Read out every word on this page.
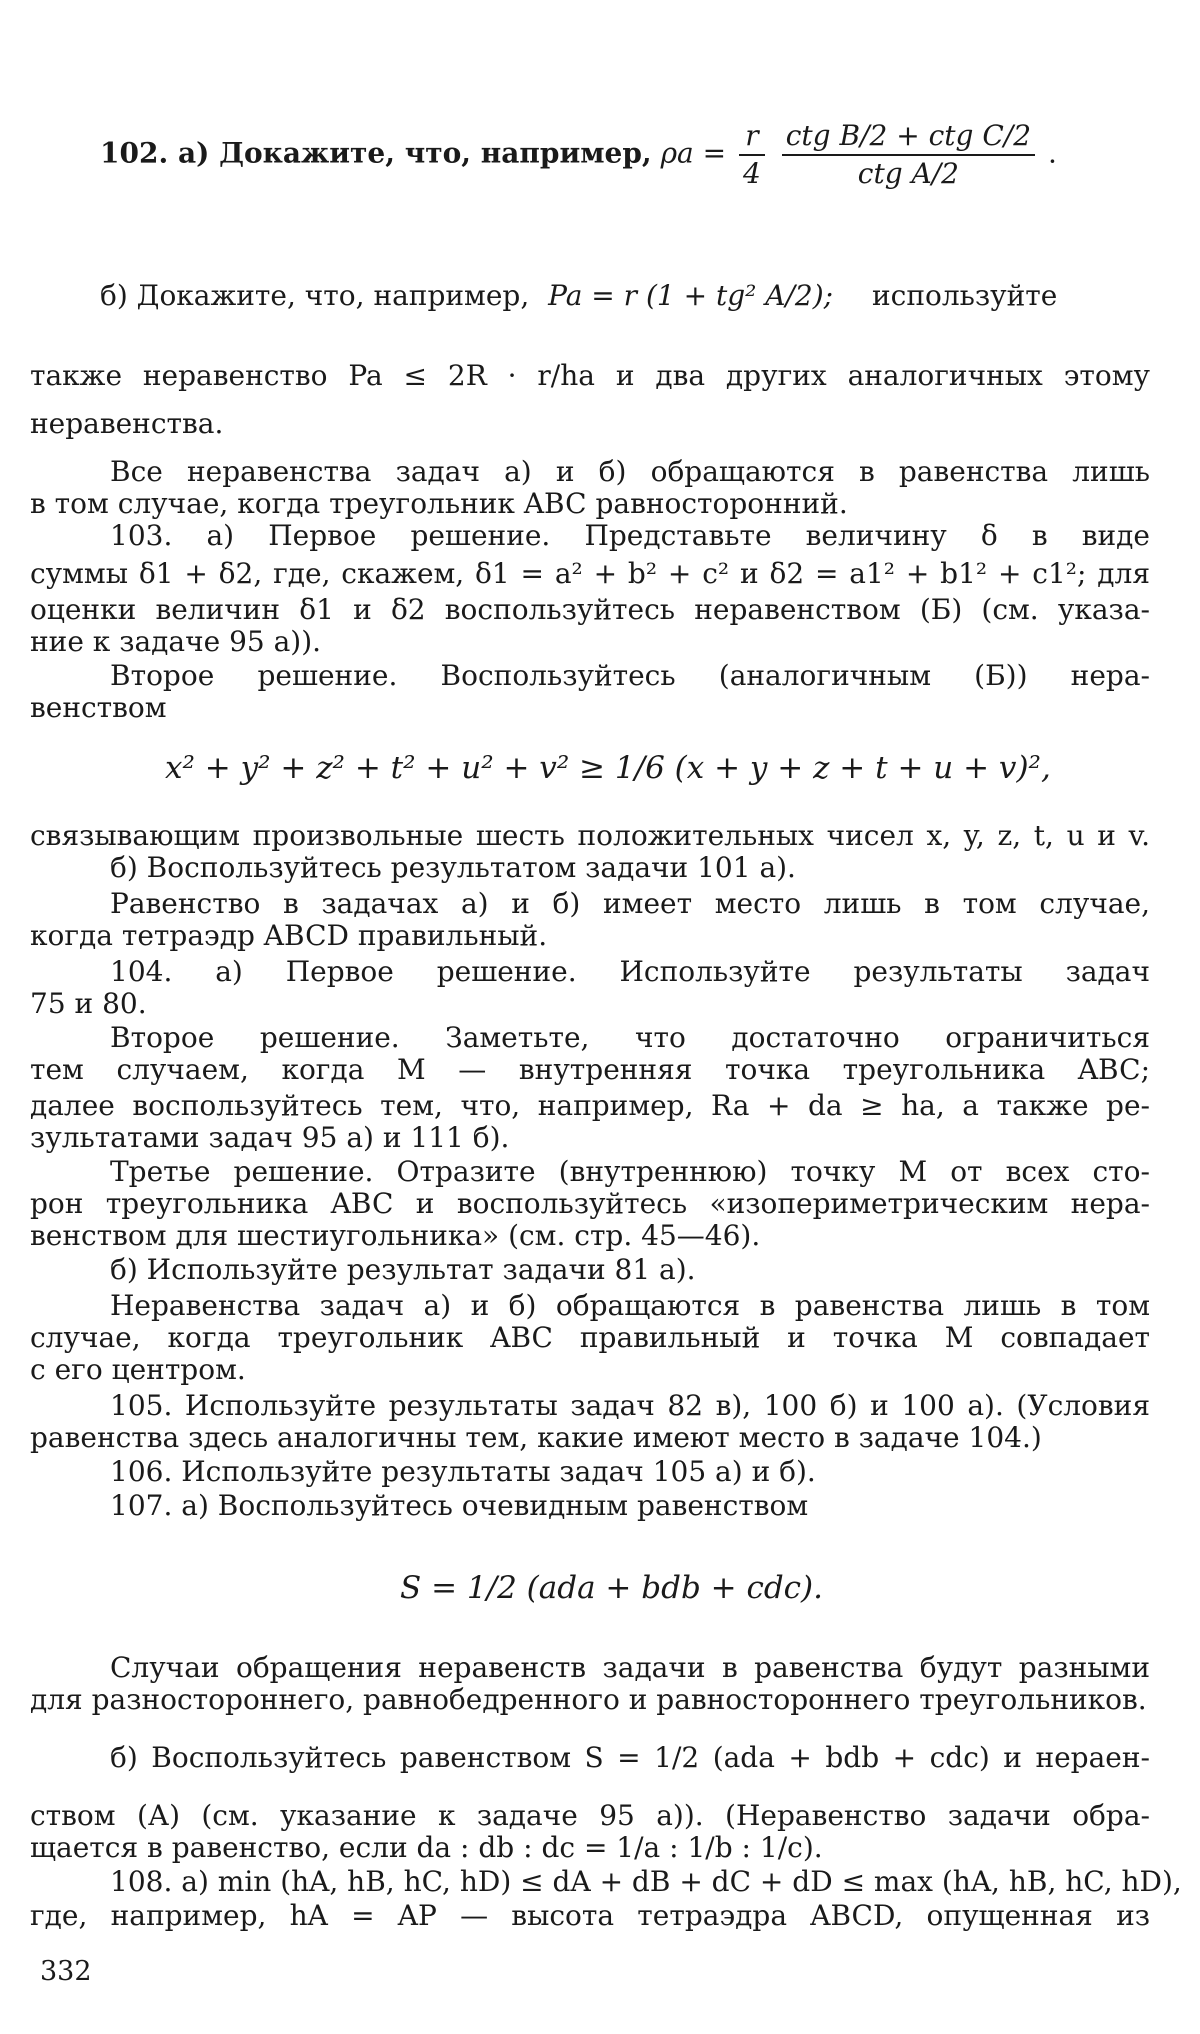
102. а) Докажите, что, например, $\rho a = \frac{r}{4}$
$\frac{\text{ctg B/2 + ctg C/2}}{\text{ctg A/2}}$ .
б) Докажите, что, например, Pa = r (1 + tg² A/2); используйте
также неравенство Pa ≤ 2R · r/ha и два других аналогичных этому
неравенства.
Все неравенства задач а) и б) обращаются в равенства лишь
в том случае, когда треугольник ABC равносторонний.
103. а) Первое решение. Представьте величину δ в виде
суммы δ1 + δ2, где, скажем, δ1 = a² + b² + c² и δ2 = a1² + b1² + c1²; для
оценки величин δ1 и δ2 воспользуйтесь неравенством (Б) (см. указа-
ние к задаче 95 а)).
Второе решение. Воспользуйтесь (аналогичным (Б)) нера-
венством
x² + y² + z² + t² + u² + v² ≥ 1/6 (x + y + z + t + u + v)²,
связывающим произвольные шесть положительных чисел x, y, z, t, u и v.
б) Воспользуйтесь результатом задачи 101 а).
Равенство в задачах а) и б) имеет место лишь в том случае,
когда тетраэдр ABCD правильный.
104. а) Первое решение. Используйте результаты задач
75 и 80.
Второе решение. Заметьте, что достаточно ограничиться
тем случаем, когда M — внутренняя точка треугольника ABC;
далее воспользуйтесь тем, что, например, Ra + da ≥ ha, а также ре-
зультатами задач 95 а) и 111 б).
Третье решение. Отразите (внутреннюю) точку M от всех сто-
рон треугольника ABC и воспользуйтесь «изопериметрическим нера-
венством для шестиугольника» (см. стр. 45—46).
б) Используйте результат задачи 81 а).
Неравенства задач а) и б) обращаются в равенства лишь в том
случае, когда треугольник ABC правильный и точка M совпадает
с его центром.
105. Используйте результаты задач 82 в), 100 б) и 100 а). (Условия
равенства здесь аналогичны тем, какие имеют место в задаче 104.)
106. Используйте результаты задач 105 а) и б).
107. а) Воспользуйтесь очевидным равенством
S = 1/2 (ada + bdb + cdc).
Случаи обращения неравенств задачи в равенства будут разными
для разностороннего, равнобедренного и равностороннего треугольников.
б) Воспользуйтесь равенством S = 1/2 (ada + bdb + cdc) и нераен-
ством (А) (см. указание к задаче 95 а)). (Неравенство задачи обра-
щается в равенство, если da : db : dc = 1/a : 1/b : 1/c).
108. а) min (hA, hB, hC, hD) ≤ dA + dB + dC + dD ≤ max (hA, hB, hC, hD),
где, например, hA = AP — высота тетраэдра ABCD, опущенная из
332
